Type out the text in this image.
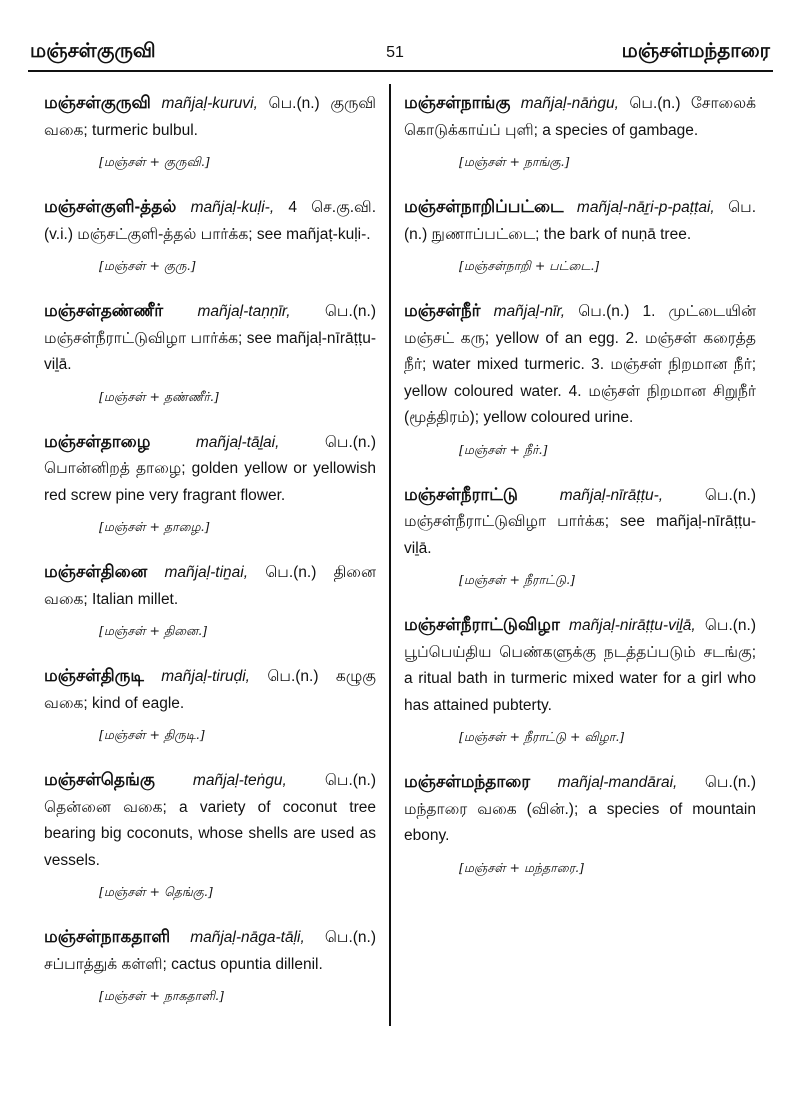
மஞ்சள்குருவி	51	மஞ்சள்மந்தாரை
மஞ்சள்குருவி mañjaḷ-kuruvi, பெ.(n.) குருவி வகை; turmeric bulbul.
[மஞ்சள் + குருவி.]
மஞ்சள்குளி-த்தல் mañjaḷ-kuḷi-, 4 செ.கு.வி. (v.i.) மஞ்சட்குளி-த்தல் பார்க்க; see mañjaṭ-kuḷi-.
[மஞ்சள் + குரு.]
மஞ்சள்தண்ணீர் mañjaḷ-taṇṇīr, பெ.(n.) மஞ்சள்நீராட்டுவிழா பார்க்க; see mañjaḷ-nīrāṭṭu-viḻā.
[மஞ்சள் + தண்ணீர்.]
மஞ்சள்தாழை	mañjaḷ-tāḻai,	பெ.(n.) பொன்னிறத் தாழை; golden yellow or yellowish red screw pine very fragrant flower.
[மஞ்சள் + தாழை.]
மஞ்சள்தினை mañjaḷ-tiṉai, பெ.(n.) தினை வகை; Italian millet.
[மஞ்சள் + தினை.]
மஞ்சள்திருடி mañjaḷ-tiruḍi, பெ.(n.) கழுகு வகை; kind of eagle.
[மஞ்சள் + திருடி.]
மஞ்சள்தெங்கு mañjaḷ-teṅgu, பெ.(n.) தென்னை வகை; a variety of coconut tree bearing big coconuts, whose shells are used as vessels.
[மஞ்சள் + தெங்கு.]
மஞ்சள்நாகதாளி mañjaḷ-nāga-tāḷi, பெ.(n.) சப்பாத்துக் கள்ளி; cactus opuntia dillenil.
[மஞ்சள் + நாகதாளி.]
மஞ்சள்நாங்கு mañjaḷ-nāṅgu, பெ.(n.) சோலைக் கொடுக்காய்ப் புளி; a species of gambage.
[மஞ்சள் + நாங்கு.]
மஞ்சள்நாறிப்பட்டை mañjaḷ-nāṟi-p-paṭṭai, பெ.(n.) நுணாப்பட்டை; the bark of nuṇā tree.
[மஞ்சள்நாறி + பட்டை.]
மஞ்சள்நீர் mañjaḷ-nīr, பெ.(n.) 1. முட்டையின் மஞ்சட் கரு; yellow of an egg. 2. மஞ்சள் கரைத்த நீர்; water mixed turmeric. 3. மஞ்சள் நிறமான நீர்; yellow coloured water. 4. மஞ்சள் நிறமான சிறுநீர் (மூத்திரம்); yellow coloured urine.
[மஞ்சள் + நீர்.]
மஞ்சள்நீராட்டு	mañjaḷ-nīrāṭṭu-,	பெ.(n.) மஞ்சள்நீராட்டுவிழா பார்க்க; see mañjaḷ-nīrāṭṭu-viḻā.
[மஞ்சள் + நீராட்டு.]
மஞ்சள்நீராட்டுவிழா mañjaḷ-nirāṭṭu-viḻā, பெ.(n.) பூப்பெய்திய பெண்களுக்கு நடத்தப்படும் சடங்கு; a ritual bath in turmeric mixed water for a girl who has attained pubterty.
[மஞ்சள் + நீராட்டு + விழா.]
மஞ்சள்மந்தாரை mañjaḷ-mandārai, பெ.(n.) மந்தாரை வகை (வின்.); a species of mountain ebony.
[மஞ்சள் + மந்தாரை.]
